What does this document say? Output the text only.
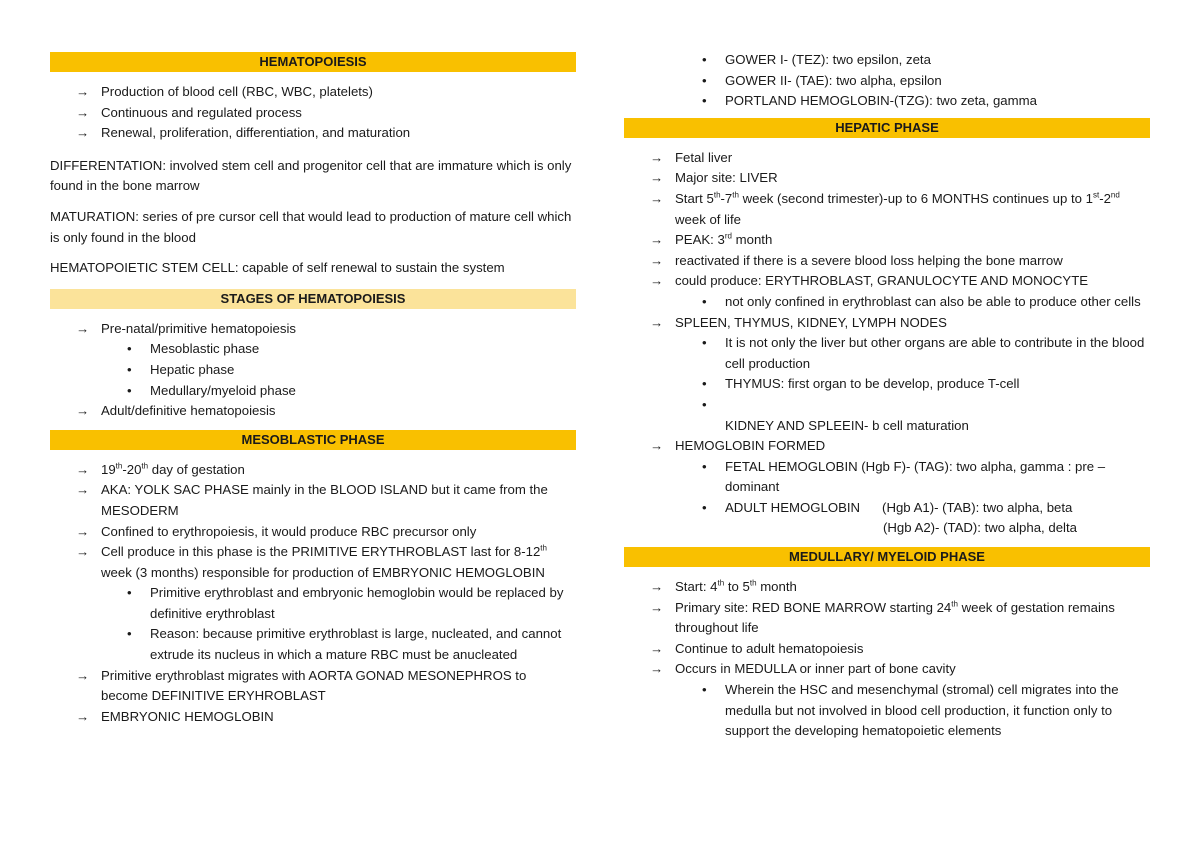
HEMATOPOIESIS
→ Production of blood cell (RBC, WBC, platelets)
→ Continuous and regulated process
→ Renewal, proliferation, differentiation, and maturation
DIFFERENTATION: involved stem cell and progenitor cell that are immature which is only found in the bone marrow
MATURATION: series of pre cursor cell that would lead to production of mature cell which is only found in the blood
HEMATOPOIETIC STEM CELL: capable of self renewal to sustain the system
STAGES OF HEMATOPOIESIS
→ Pre-natal/primitive hematopoiesis
•	Mesoblastic phase
•	Hepatic phase
•	Medullary/myeloid phase
→ Adult/definitive hematopoiesis
MESOBLASTIC PHASE
→ 19th-20th day of gestation
→ AKA: YOLK SAC PHASE mainly in the BLOOD ISLAND but it came from the MESODERM
→ Confined to erythropoiesis, it would produce RBC precursor only
→ Cell produce in this phase is the PRIMITIVE ERYTHROBLAST last for 8-12th week (3 months) responsible for production of EMBRYONIC HEMOGLOBIN
•	Primitive erythroblast and embryonic hemoglobin would be replaced by definitive erythroblast
•	Reason: because primitive erythroblast is large, nucleated, and cannot extrude its nucleus in which a mature RBC must be anucleated
→ Primitive erythroblast migrates with AORTA GONAD MESONEPHROS to become DEFINITIVE ERYHROBLAST
→ EMBRYONIC HEMOGLOBIN
•	GOWER I- (TEZ): two epsilon, zeta
•	GOWER II- (TAE): two alpha, epsilon
•	PORTLAND HEMOGLOBIN-(TZG): two zeta, gamma
HEPATIC PHASE
→ Fetal liver
→ Major site: LIVER
→ Start 5th-7th week (second trimester)-up to 6 MONTHS continues up to 1st-2nd week of life
→ PEAK: 3rd month
→ reactivated if there is a severe blood loss helping the bone marrow
→ could produce: ERYTHROBLAST, GRANULOCYTE AND MONOCYTE
•	not only confined in erythroblast can also be able to produce other cells
→ SPLEEN, THYMUS, KIDNEY, LYMPH NODES
•	It is not only the liver but other organs are able to contribute in the blood cell production
•	THYMUS: first organ to be develop, produce T-cell
•
KIDNEY AND SPLEEIN- b cell maturation
→ HEMOGLOBIN FORMED
•	FETAL HEMOGLOBIN (Hgb F)- (TAG): two alpha, gamma : pre – dominant
•	ADULT HEMOGLOBIN      (Hgb A1)- (TAB): two alpha, beta
(Hgb A2)- (TAD): two alpha, delta
MEDULLARY/ MYELOID PHASE
→ Start: 4th to 5th month
→ Primary site: RED BONE MARROW starting 24th week of gestation remains throughout life
→ Continue to adult hematopoiesis
→ Occurs in MEDULLA or inner part of bone cavity
•	Wherein the HSC and mesenchymal (stromal) cell migrates into the medulla but not involved in blood cell production, it function only to support the developing hematopoietic elements
